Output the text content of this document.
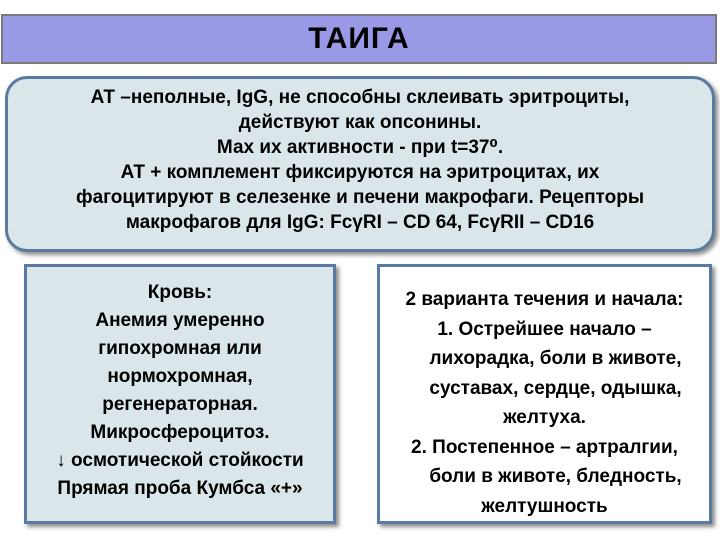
ТАИГА
АТ –неполные, IgG, не способны склеивать эритроциты,
действуют как опсонины.
Мах их активности - при t=37⁰.
АТ + комплемент фиксируются на эритроцитах, их
фагоцитируют в селезенке и печени макрофаги. Рецепторы
макрофагов для IgG: FcγRI – CD 64, FcγRII – CD16
Кровь:
Анемия умеренно
гипохромная или
нормохромная,
регенераторная.
Микросфероцитоз.
↓ осмотической стойкости
Прямая проба Кумбса «+»
2 варианта течения и начала:
1. Острейшее начало –
лихорадка, боли в животе,
суставах, сердце, одышка,
желтуха.
2. Постепенное – артралгии,
боли в животе, бледность,
желтушность
